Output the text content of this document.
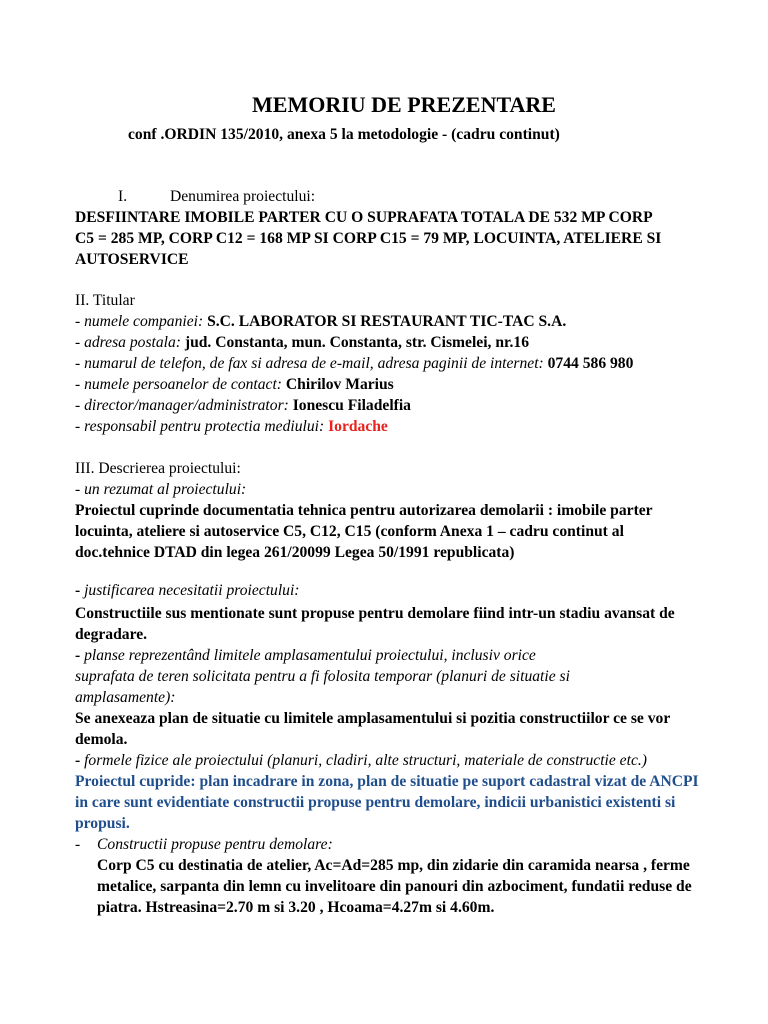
MEMORIU DE PREZENTARE
conf .ORDIN 135/2010, anexa 5 la metodologie - (cadru continut)
I.	Denumirea proiectului:
DESFIINTARE IMOBILE PARTER CU O SUPRAFATA TOTALA DE 532 MP CORP
C5 = 285 MP, CORP C12 = 168 MP SI CORP C15 = 79 MP, LOCUINTA, ATELIERE SI
AUTOSERVICE
II. Titular
- numele companiei: S.C. LABORATOR SI RESTAURANT TIC-TAC S.A.
- adresa postala: jud. Constanta, mun. Constanta, str. Cismelei, nr.16
- numarul de telefon, de fax si adresa de e-mail, adresa paginii de internet: 0744 586 980
- numele persoanelor de contact: Chirilov Marius
- director/manager/administrator: Ionescu Filadelfia
- responsabil pentru protectia mediului: Iordache
III. Descrierea proiectului:
- un rezumat al proiectului:
Proiectul cuprinde documentatia tehnica pentru autorizarea demolarii : imobile parter
locuinta, ateliere si autoservice C5, C12, C15 (conform Anexa 1 – cadru continut al
doc.tehnice DTAD din legea 261/20099 Legea 50/1991 republicata)
- justificarea necesitatii proiectului:
Constructiile sus mentionate sunt propuse pentru demolare fiind intr-un stadiu avansat de
degradare.
- planse reprezentând limitele amplasamentului proiectului, inclusiv orice
suprafata de teren solicitata pentru a fi folosita temporar (planuri de situatie si
amplasamente):
Se anexeaza plan de situatie cu limitele amplasamentului si pozitia constructiilor ce se vor
demola.
- formele fizice ale proiectului (planuri, cladiri, alte structuri, materiale de constructie etc.)
Proiectul cupride: plan incadrare in zona, plan de situatie pe suport cadastral vizat de ANCPI
in care sunt evidentiate constructii propuse pentru demolare, indicii urbanistici existenti si
propusi.
- Constructii propuse pentru demolare:
Corp C5 cu destinatia de atelier, Ac=Ad=285 mp, din zidarie din caramida nearsa , ferme
metalice, sarpanta din lemn cu invelitoare din panouri din azbociment, fundatii reduse de
piatra. Hstreasina=2.70 m si 3.20 , Hcoama=4.27m si 4.60m.
